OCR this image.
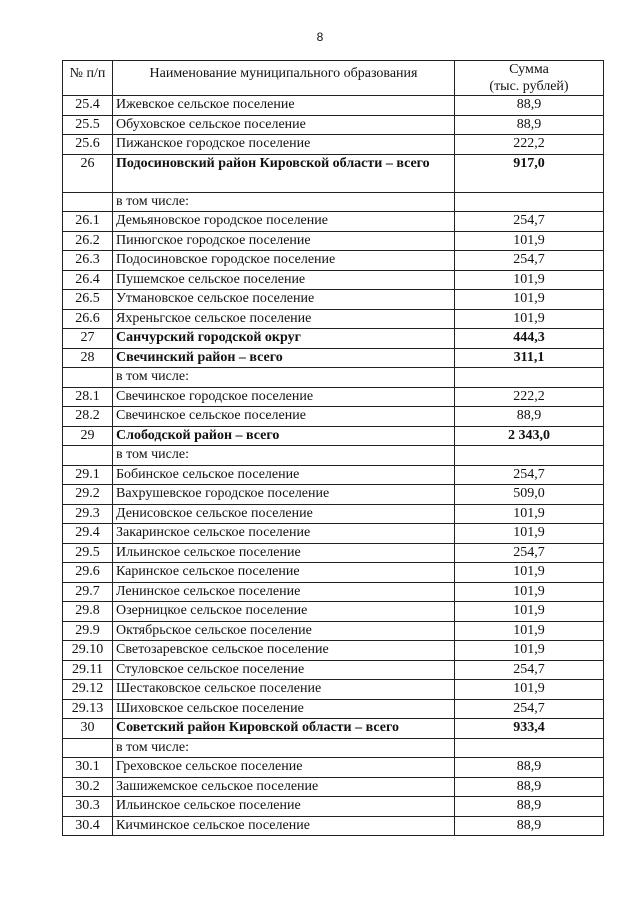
8
№ п/п	Наименование муниципального образования	Сумма
(тыс. рублей)
25.4	Ижевское сельское поселение	88,9
25.5	Обуховское сельское поселение	88,9
25.6	Пижанское городское поселение	222,2
26	Подосиновский район Кировской области – всего	917,0
	в том числе:	
26.1	Демьяновское городское поселение	254,7
26.2	Пинюгское городское поселение	101,9
26.3	Подосиновское городское поселение	254,7
26.4	Пушемское сельское поселение	101,9
26.5	Утмановское сельское поселение	101,9
26.6	Яхреньгское сельское поселение	101,9
27	Санчурский городской округ	444,3
28	Свечинский район – всего	311,1
	в том числе:	
28.1	Свечинское городское поселение	222,2
28.2	Свечинское сельское поселение	88,9
29	Слободской район – всего	2 343,0
	в том числе:	
29.1	Бобинское сельское поселение	254,7
29.2	Вахрушевское городское поселение	509,0
29.3	Денисовское сельское поселение	101,9
29.4	Закаринское сельское поселение	101,9
29.5	Ильинское сельское поселение	254,7
29.6	Каринское сельское поселение	101,9
29.7	Ленинское сельское поселение	101,9
29.8	Озерницкое сельское поселение	101,9
29.9	Октябрьское сельское поселение	101,9
29.10	Светозаревское сельское поселение	101,9
29.11	Стуловское сельское поселение	254,7
29.12	Шестаковское сельское поселение	101,9
29.13	Шиховское сельское поселение	254,7
30	Советский район Кировской области – всего	933,4
	в том числе:	
30.1	Греховское сельское поселение	88,9
30.2	Зашижемское сельское поселение	88,9
30.3	Ильинское сельское поселение	88,9
30.4	Кичминское сельское поселение	88,9
